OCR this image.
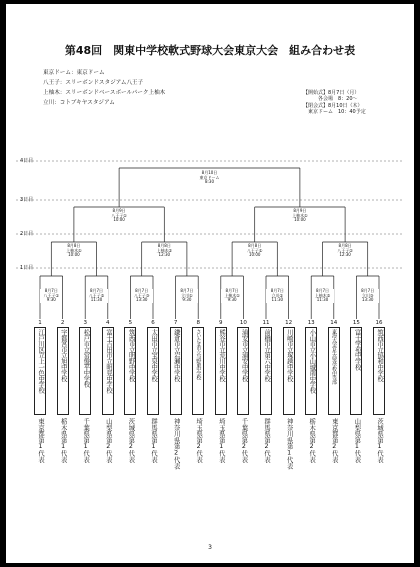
第48回　関東中学校軟式野球大会東京大会　組み合わせ表
東京ドーム：東京ドーム
八王子：スリーボンドスタジアム八王子
上柚木：スリーボンドベースボールパーク上柚木
立川：コトブキヤスタジアム
【開始式】8月7日（月）
　　　各会場　8：20〜
【閉会式】8月10日（木）
　東京ドーム　10：40予定
4日目
3日目
2日目
1日目
8月10日
東京ドーム
8:30
8月9日
八王子①
10:00
8月9日
上柚木①
10:00
8月8日
上柚木①
10:00
8月8日
上柚木②
12:30
8月8日
八王子①
10:00
8月8日
八王子②
12:30
8月7日
八王子①
9:30
8月7日
八王子②
11:30
8月7日
八王子③
13:30
8月7日
立川①
9:30
8月7日
上柚木①
9:30
8月7日
立川②
11:30
8月7日
上柚木②
11:30
8月7日
立川③
13:30
1
江戸川区立上一色中学校
東京都第1代表
2
宇都宮市立旭中学校
栃木県第1代表
3
松戸市立常盤平中学校
千葉県第1代表
4
富士吉田市立明見中学校
山梨県第2代表
5
筑西市立明野中学校
茨城県第2代表
6
太田市立宝泉中学校
群馬県第1代表
7
鎌倉市立岩瀬中学校
神奈川県第2代表
8
さいたま市立与野東中学校
埼玉県第2代表
9
熊谷市立荒川中学校
埼玉県第1代表
10
浦安市立浦安中学校
千葉県第2代表
11
前橋市立第六中学校
群馬県第2代表
12
川崎市立塚越中学校
神奈川県第1代表
13
小山市立小山城南中学校
栃木県第2代表
14
東海大学菅生高等学校中等部
東京都第2代表
15
富士学苑中学校
山梨県第1代表
16
筑西市立協和中学校
茨城県第1代表
3
